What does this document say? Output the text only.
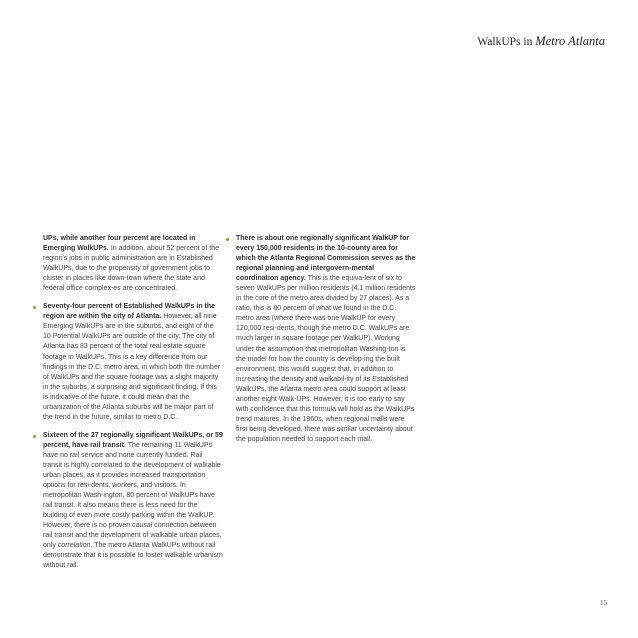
WalkUPs in Metro Atlanta

UPs, while another four percent are located in Emerging WalkUPs. In addition, about 52 percent of the region's jobs in public administration are in Established WalkUPs, due to the propensity of government jobs to cluster in places like down-town where the state and federal office complex-es are concentrated.

Seventy-four percent of Established WalkUPs in the region are within the city of Atlanta. However, all nine Emerging WalkUPs are in the suburbs, and eight of the 10 Potential WalkUPs are outside of the city. The city of Atlanta has 83 percent of the total real estate square footage in WalkUPs. This is a key difference from our findings in the D.C. metro area, in which both the number of WalkUPs and the square footage was a slight majority in the suburbs, a surprising and significant finding. If this is indicative of the future, it could mean that the urbanization of the Atlanta suburbs will be major part of the trend in the future, similar to metro D.C.

Sixteen of the 27 regionally significant WalkUPs, or 59 percent, have rail transit. The remaining 11 WalkUPs have no rail service and none currently funded. Rail transit is highly correlated to the development of walkable urban places, as it provides increased transportation options for resi-dents, workers, and visitors. In metropolitan Wash-ington, 80 percent of WalkUPs have rail transit. It also means there is less need for the building of even more costly parking within the WalkUP. However, there is no proven causal connection between rail transit and the development of walkable urban places, only correlation. The metro Atlanta WalkUPs without rail demonstrate that it is possible to foster walkable urbanism without rail.

There is about one regionally significant WalkUP for every 150,000 residents in the 10-county area for which the Atlanta Regional Commission serves as the regional planning and intergovern-mental coordination agency. This is the equiva-lent of six to seven WalkUPs per million residents (4.1 million residents in the core of the metro area divided by 27 places). As a ratio, this is 80 percent of what we found in the D.C. metro area (where there was one WalkUP for every 120,000 resi-dents, though the metro D.C. WalkUPs are much larger in square footage per WalkUP). Working under the assumption that metropolitan Washing-ton is the model for how the country is develop-ing the built environment, this would suggest that, in addition to increasing the density and walkabil-ity of its Established WalkUPs, the Atlanta metro area could support at least another eight Walk-UPs. However, it is too early to say with confidence that this formula will hold as the WalkUPs trend matures. In the 1960s, when regional malls were first being developed, there was similar uncertainty about the population needed to support each mall.

15
